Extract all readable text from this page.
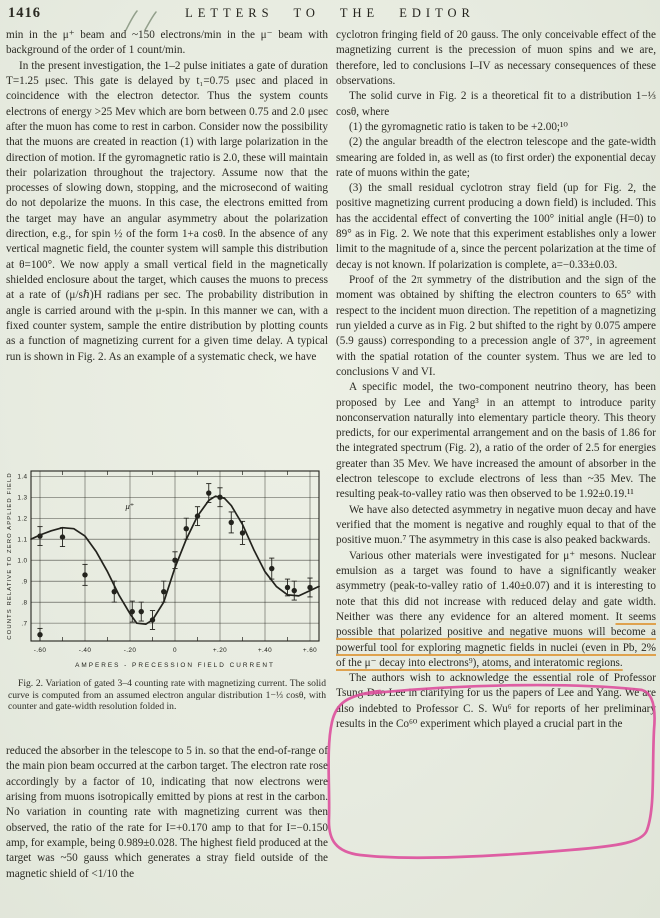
1416	LETTERS TO THE EDITOR

min in the μ⁺ beam and ~150 electrons/min in the μ⁻ beam with background of the order of 1 count/min.

In the present investigation, the 1–2 pulse initiates a gate of duration T=1.25 μsec. This gate is delayed by t₁=0.75 μsec and placed in coincidence with the electron detector. Thus the system counts electrons of energy >25 Mev which are born between 0.75 and 2.0 μsec after the muon has come to rest in carbon. Consider now the possibility that the muons are created in reaction (1) with large polarization in the direction of motion. If the gyromagnetic ratio is 2.0, these will maintain their polarization throughout the trajectory. Assume now that the processes of slowing down, stopping, and the microsecond of waiting do not depolarize the muons. In this case, the electrons emitted from the target may have an angular asymmetry about the polarization direction, e.g., for spin ½ of the form 1+a cosθ. In the absence of any vertical magnetic field, the counter system will sample this distribution at θ=100°. We now apply a small vertical field in the magnetically shielded enclosure about the target, which causes the muons to precess at a rate of (μ/sℏ)H radians per sec. The probability distribution in angle is carried around with the μ-spin. In this manner we can, with a fixed counter system, sample the entire distribution by plotting counts as a function of magnetizing current for a given time delay. A typical run is shown in Fig. 2. As an example of a systematic check, we have

.7
.8
.9
1.0
1.1
1.2
1.3
1.4
-.60	-.40	-.20	0	+.20	+.40	+.60
AMPERES - PRECESSION FIELD CURRENT
COUNTS RELATIVE TO ZERO APPLIED FIELD	μ⁺
Fig. 2. Variation of gated 3–4 counting rate with magnetizing current. The solid curve is computed from an assumed electron angular distribution 1−⅓ cosθ, with counter and gate-width resolution folded in.

reduced the absorber in the telescope to 5 in. so that the end-of-range of the main pion beam occurred at the carbon target. The electron rate rose accordingly by a factor of 10, indicating that now electrons were arising from muons isotropically emitted by pions at rest in the carbon. No variation in counting rate with magnetizing current was then observed, the ratio of the rate for I=+0.170 amp to that for I=−0.150 amp, for example, being 0.989±0.028. The highest field produced at the target was ~50 gauss which generates a stray field outside of the magnetic shield of <1/10 the

cyclotron fringing field of 20 gauss. The only conceivable effect of the magnetizing current is the precession of muon spins and we are, therefore, led to conclusions I–IV as necessary consequences of these observations.

The solid curve in Fig. 2 is a theoretical fit to a distribution 1−⅓ cosθ, where

(1) the gyromagnetic ratio is taken to be +2.00;¹⁰

(2) the angular breadth of the electron telescope and the gate-width smearing are folded in, as well as (to first order) the exponential decay rate of muons within the gate;

(3) the small residual cyclotron stray field (up for Fig. 2, the positive magnetizing current producing a down field) is included. This has the accidental effect of converting the 100° initial angle (H=0) to 89° as in Fig. 2. We note that this experiment establishes only a lower limit to the magnitude of a, since the percent polarization at the time of decay is not known. If polarization is complete, a=−0.33±0.03.

Proof of the 2π symmetry of the distribution and the sign of the moment was obtained by shifting the electron counters to 65° with respect to the incident muon direction. The repetition of a magnetizing run yielded a curve as in Fig. 2 but shifted to the right by 0.075 ampere (5.9 gauss) corresponding to a precession angle of 37°, in agreement with the spatial rotation of the counter system. Thus we are led to conclusions V and VI.

A specific model, the two-component neutrino theory, has been proposed by Lee and Yang³ in an attempt to introduce parity nonconservation naturally into elementary particle theory. This theory predicts, for our experimental arrangement and on the basis of 1.86 for the integrated spectrum (Fig. 2), a ratio of the order of 2.5 for energies greater than 35 Mev. We have increased the amount of absorber in the electron telescope to exclude electrons of less than ~35 Mev. The resulting peak-to-valley ratio was then observed to be 1.92±0.19.¹¹

We have also detected asymmetry in negative muon decay and have verified that the moment is negative and roughly equal to that of the positive muon.⁷ The asymmetry in this case is also peaked backwards.

Various other materials were investigated for μ⁺ mesons. Nuclear emulsion as a target was found to have a significantly weaker asymmetry (peak-to-valley ratio of 1.40±0.07) and it is interesting to note that this did not increase with reduced delay and gate width. Neither was there any evidence for an altered moment. It seems possible that polarized positive and negative muons will become a powerful tool for exploring magnetic fields in nuclei (even in Pb, 2% of the μ⁻ decay into electrons⁹), atoms, and interatomic regions.

The authors wish to acknowledge the essential role of Professor Tsung-Dao Lee in clarifying for us the papers of Lee and Yang. We are also indebted to Professor C. S. Wu⁶ for reports of her preliminary results in the Co⁶⁰ experiment which played a crucial part in the
